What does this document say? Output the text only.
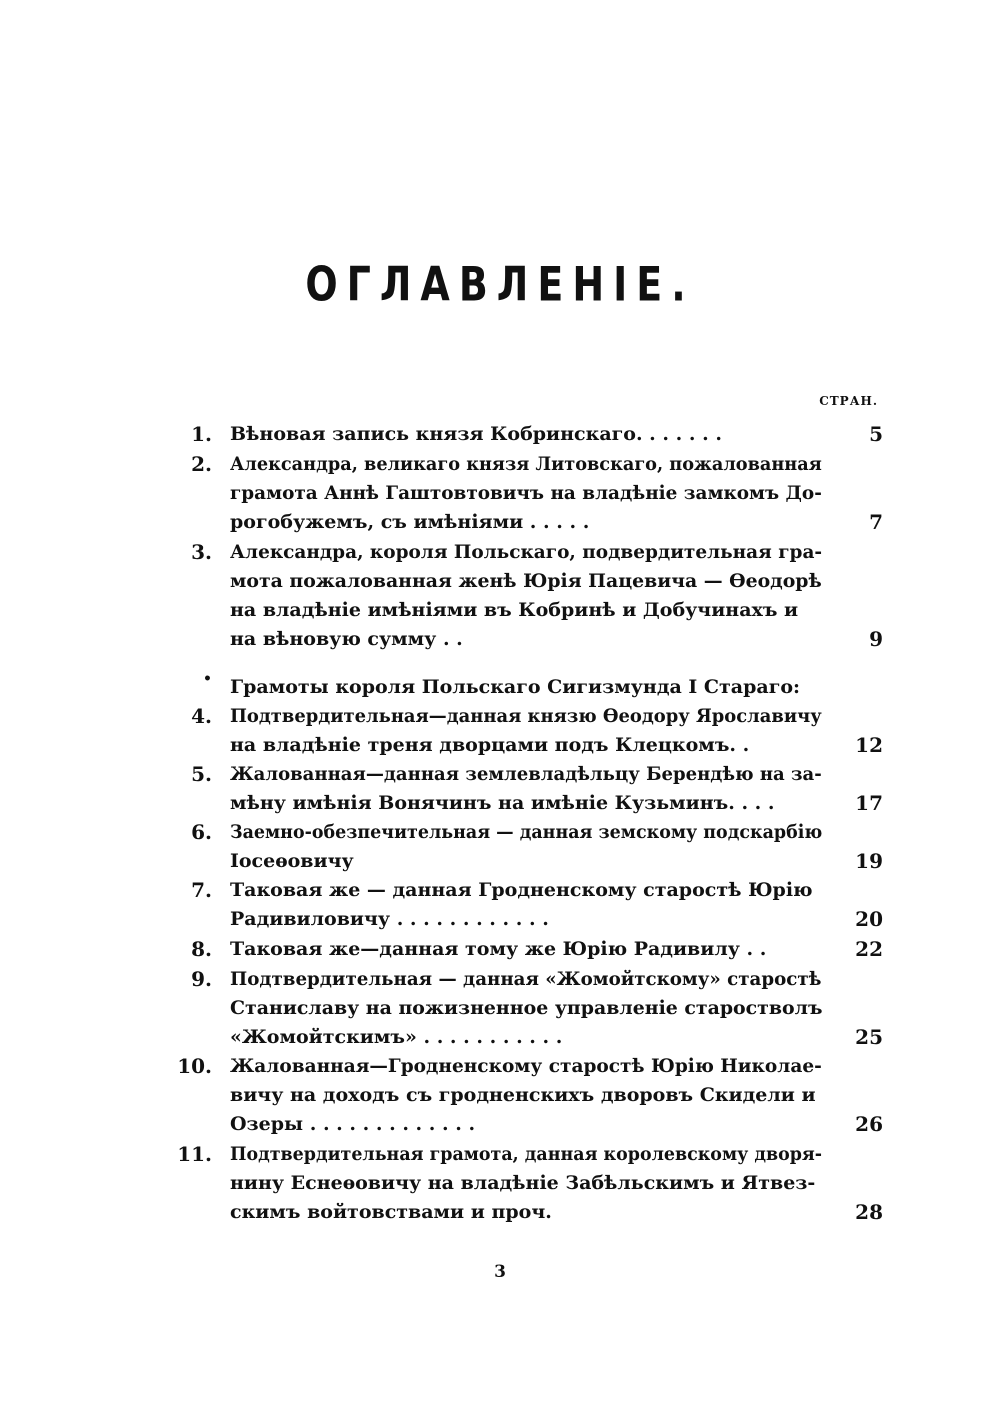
ОГЛАВЛЕНІЕ.
СТРАН.
1. Вѣновая запись князя Кобринскаго. . . . . . .	5
2. Александра, великаго князя Литовскаго, пожалованная
грамота Аннѣ Гаштовтовичъ на владѣніе замкомъ До-
рогобужемъ, съ имѣніями . . . . .	7
3. Александра, короля Польскаго, подвердительная гра-
мота пожалованная женѣ Юрія Пацевича — Ѳеодорѣ
на владѣніе имѣніями въ Кобринѣ и Добучинахъ и
на вѣновую сумму . .	9
• Грамоты короля Польскаго Сигизмунда I Стараго:
4. Подтвердительная—данная князю Ѳеодору Ярославичу
на владѣніе треня дворцами подъ Клецкомъ. .	12
5. Жалованная—данная землевладѣльцу Берендѣю на за-
мѣну имѣнія Вонячинъ на имѣніе Кузьминъ. . . .	17
6. Заемно-обезпечительная — данная земскому подскарбію
Іосеѳовичу	19
7. Таковая же — данная Гродненскому старостѣ Юрію
Радивиловичу . . . . . . . . . . . .	20
8. Таковая же—данная тому же Юрію Радивилу . .	22
9. Подтвердительная — данная «Жомойтскому» старостѣ
Станиславу на пожизненное управленіе старостволъ
«Жомойтскимъ» . . . . . . . . . . .	25
10. Жалованная—Гродненскому старостѣ Юрію Николае-
вичу на доходъ съ гродненскихъ дворовъ Скидели и
Озеры . . . . . . . . . . . . .	26
11. Подтвердительная грамота, данная королевскому дворя-
нину Еснеѳовичу на владѣніе Забѣльскимъ и Ятвез-
скимъ войтовствами и проч.	28
3
